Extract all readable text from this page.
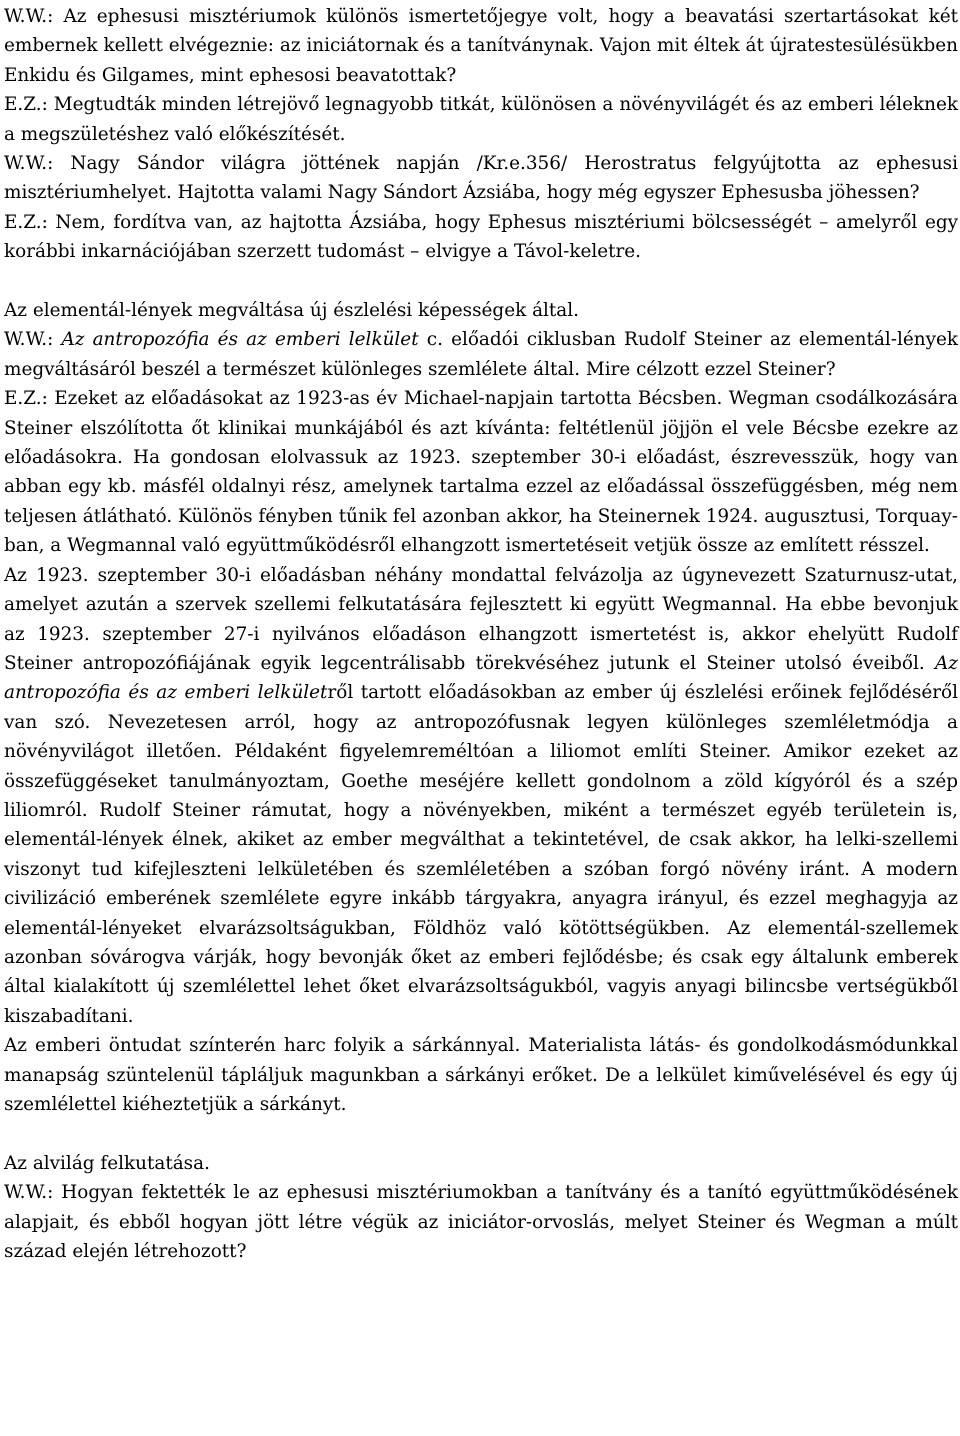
W.W.: Az ephesusi misztériumok különös ismertetőjegye volt, hogy a beavatási szertartásokat két embernek kellett elvégeznie: az iniciátornak és a tanítványnak. Vajon mit éltek át újratestesülésükben Enkidu és Gilgames, mint ephesosi beavatottak?

E.Z.: Megtudták minden létrejövő legnagyobb titkát, különösen a növényvilágét és az emberi léleknek a megszületéshez való előkészítését.

W.W.: Nagy Sándor világra jöttének napján /Kr.e.356/ Herostratus felgyújtotta az ephesusi misztériumhelyet. Hajtotta valami Nagy Sándort Ázsiába, hogy még egyszer Ephesusba jöhessen?

E.Z.: Nem, fordítva van, az hajtotta Ázsiába, hogy Ephesus misztériumi bölcsességét – amelyről egy korábbi inkarnációjában szerzett tudomást – elvigye a Távol-keletre.

Az elementál-lények megváltása új észlelési képességek által.

W.W.: Az antropozófia és az emberi lelkület c. előadói ciklusban Rudolf Steiner az elementál-lények megváltásáról beszél a természet különleges szemlélete által. Mire célzott ezzel Steiner?

E.Z.: Ezeket az előadásokat az 1923-as év Michael-napjain tartotta Bécsben. Wegman csodálkozására Steiner elszólította őt klinikai munkájából és azt kívánta: feltétlenül jöjjön el vele Bécsbe ezekre az előadásokra. Ha gondosan elolvassuk az 1923. szeptember 30-i előadást, észrevesszük, hogy van abban egy kb. másfél oldalnyi rész, amelynek tartalma ezzel az előadással összefüggésben, még nem teljesen átlátható. Különös fényben tűnik fel azonban akkor, ha Steinernek 1924. augusztusi, Torquay-ban, a Wegmannal való együttműködésről elhangzott ismertetéseit vetjük össze az említett résszel.

Az 1923. szeptember 30-i előadásban néhány mondattal felvázolja az úgynevezett Szaturnusz-utat, amelyet azután a szervek szellemi felkutatására fejlesztett ki együtt Wegmannal. Ha ebbe bevonjuk az 1923. szeptember 27-i nyilvános előadáson elhangzott ismertetést is, akkor ehelyütt Rudolf Steiner antropozófiájának egyik legcentrálisabb törekvéséhez jutunk el Steiner utolsó éveiből. Az antropozófia és az emberi lelkületről tartott előadásokban az ember új észlelési erőinek fejlődéséről van szó. Nevezetesen arról, hogy az antropozófusnak legyen különleges szemléletmódja a növényvilágot illetően. Példaként figyelemreméltóan a liliomot említi Steiner. Amikor ezeket az összefüggéseket tanulmányoztam, Goethe meséjére kellett gondolnom a zöld kígyóról és a szép liliomról. Rudolf Steiner rámutat, hogy a növényekben, miként a természet egyéb területein is, elementál-lények élnek, akiket az ember megválthat a tekintetével, de csak akkor, ha lelki-szellemi viszonyt tud kifejleszteni lelkületében és szemléletében a szóban forgó növény iránt. A modern civilizáció emberének szemlélete egyre inkább tárgyakra, anyagra irányul, és ezzel meghagyja az elementál-lényeket elvarázsoltságukban, Földhöz való kötöttségükben. Az elementál-szellemek azonban sóvárogva várják, hogy bevonják őket az emberi fejlődésbe; és csak egy általunk emberek által kialakított új szemlélettel lehet őket elvarázsoltságukból, vagyis anyagi bilincsbe vertségükből kiszabadítani.

Az emberi öntudat színterén harc folyik a sárkánnyal. Materialista látás- és gondolkodásmódunkkal manapság szüntelenül tápláljuk magunkban a sárkányi erőket. De a lelkület kiművelésével és egy új szemlélettel kiéheztetjük a sárkányt.

Az alvilág felkutatása.

W.W.: Hogyan fektették le az ephesusi misztériumokban a tanítvány és a tanító együttműködésének alapjait, és ebből hogyan jött létre végük az iniciátor-orvoslás, melyet Steiner és Wegman a múlt század elején létrehozott?
